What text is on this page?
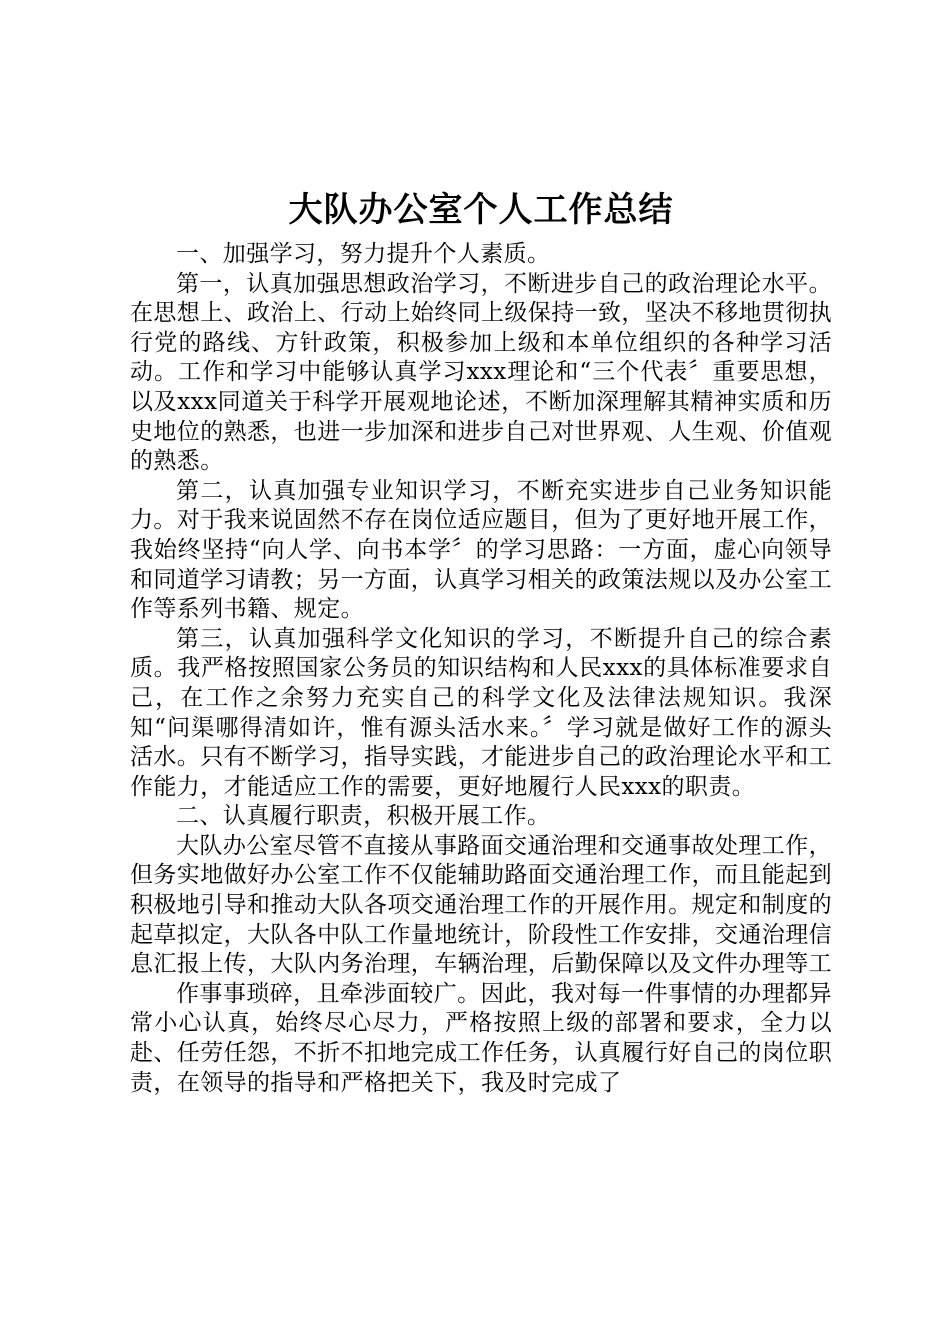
大队办公室个人工作总结

一、加强学习，努力提升个人素质。

第一，认真加强思想政治学习，不断进步自己的政治理论水平。在思想上、政治上、行动上始终同上级保持一致，坚决不移地贯彻执行党的路线、方针政策，积极参加上级和本单位组织的各种学习活动。工作和学习中能够认真学习xxx理论和“三个代表〞重要思想，以及xxx同道关于科学开展观地论述，不断加深理解其精神实质和历史地位的熟悉，也进一步加深和进步自己对世界观、人生观、价值观的熟悉。

第二，认真加强专业知识学习，不断充实进步自己业务知识能力。对于我来说固然不存在岗位适应题目，但为了更好地开展工作，我始终坚持“向人学、向书本学〞的学习思路：一方面，虚心向领导和同道学习请教；另一方面，认真学习相关的政策法规以及办公室工作等系列书籍、规定。

第三，认真加强科学文化知识的学习，不断提升自己的综合素质。我严格按照国家公务员的知识结构和人民xxx的具体标准要求自己，在工作之余努力充实自己的科学文化及法律法规知识。我深知“问渠哪得清如许，惟有源头活水来。〞学习就是做好工作的源头活水。只有不断学习，指导实践，才能进步自己的政治理论水平和工作能力，才能适应工作的需要，更好地履行人民xxx的职责。

二、认真履行职责，积极开展工作。

大队办公室尽管不直接从事路面交通治理和交通事故处理工作，但务实地做好办公室工作不仅能辅助路面交通治理工作，而且能起到积极地引导和推动大队各项交通治理工作的开展作用。规定和制度的起草拟定，大队各中队工作量地统计，阶段性工作安排，交通治理信息汇报上传，大队内务治理，车辆治理，后勤保障以及文件办理等工

作事事琐碎，且牵涉面较广。因此，我对每一件事情的办理都异常小心认真，始终尽心尽力，严格按照上级的部署和要求，全力以赴、任劳任怨，不折不扣地完成工作任务，认真履行好自己的岗位职责，在领导的指导和严格把关下，我及时完成了
